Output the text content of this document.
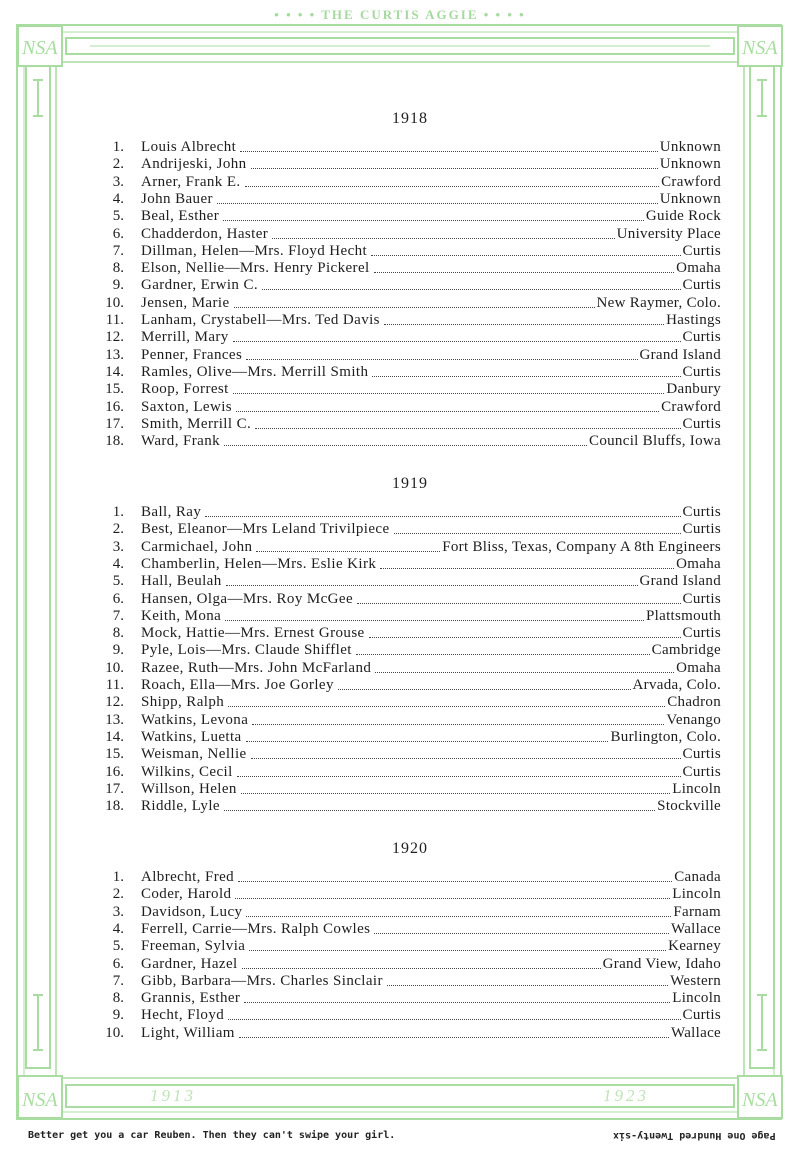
• • • • THE CURTIS AGGIE • • • •
NSA	NSA
NSA	NSA
1913	1923
1918
1. Louis Albrecht	Unknown
2. Andrijeski, John	Unknown
3. Arner, Frank E.	Crawford
4. John Bauer	Unknown
5. Beal, Esther	Guide Rock
6. Chadderdon, Haster	University Place
7. Dillman, Helen—Mrs. Floyd Hecht	Curtis
8. Elson, Nellie—Mrs. Henry Pickerel	Omaha
9. Gardner, Erwin C.	Curtis
10. Jensen, Marie	New Raymer, Colo.
11. Lanham, Crystabell—Mrs. Ted Davis	Hastings
12. Merrill, Mary	Curtis
13. Penner, Frances	Grand Island
14. Ramles, Olive—Mrs. Merrill Smith	Curtis
15. Roop, Forrest	Danbury
16. Saxton, Lewis	Crawford
17. Smith, Merrill C.	Curtis
18. Ward, Frank	Council Bluffs, Iowa
1919
1. Ball, Ray	Curtis
2. Best, Eleanor—Mrs Leland Trivilpiece	Curtis
3. Carmichael, John	Fort Bliss, Texas, Company A 8th Engineers
4. Chamberlin, Helen—Mrs. Eslie Kirk	Omaha
5. Hall, Beulah	Grand Island
6. Hansen, Olga—Mrs. Roy McGee	Curtis
7. Keith, Mona	Plattsmouth
8. Mock, Hattie—Mrs. Ernest Grouse	Curtis
9. Pyle, Lois—Mrs. Claude Shifflet	Cambridge
10. Razee, Ruth—Mrs. John McFarland	Omaha
11. Roach, Ella—Mrs. Joe Gorley	Arvada, Colo.
12. Shipp, Ralph	Chadron
13. Watkins, Levona	Venango
14. Watkins, Luetta	Burlington, Colo.
15. Weisman, Nellie	Curtis
16. Wilkins, Cecil	Curtis
17. Willson, Helen	Lincoln
18. Riddle, Lyle	Stockville
1920
1. Albrecht, Fred	Canada
2. Coder, Harold	Lincoln
3. Davidson, Lucy	Farnam
4. Ferrell, Carrie—Mrs. Ralph Cowles	Wallace
5. Freeman, Sylvia	Kearney
6. Gardner, Hazel	Grand View, Idaho
7. Gibb, Barbara—Mrs. Charles Sinclair	Western
8. Grannis, Esther	Lincoln
9. Hecht, Floyd	Curtis
10. Light, William	Wallace
Better get you a car Reuben. Then they can't swipe your girl.	Page One Hundred Twenty-six
